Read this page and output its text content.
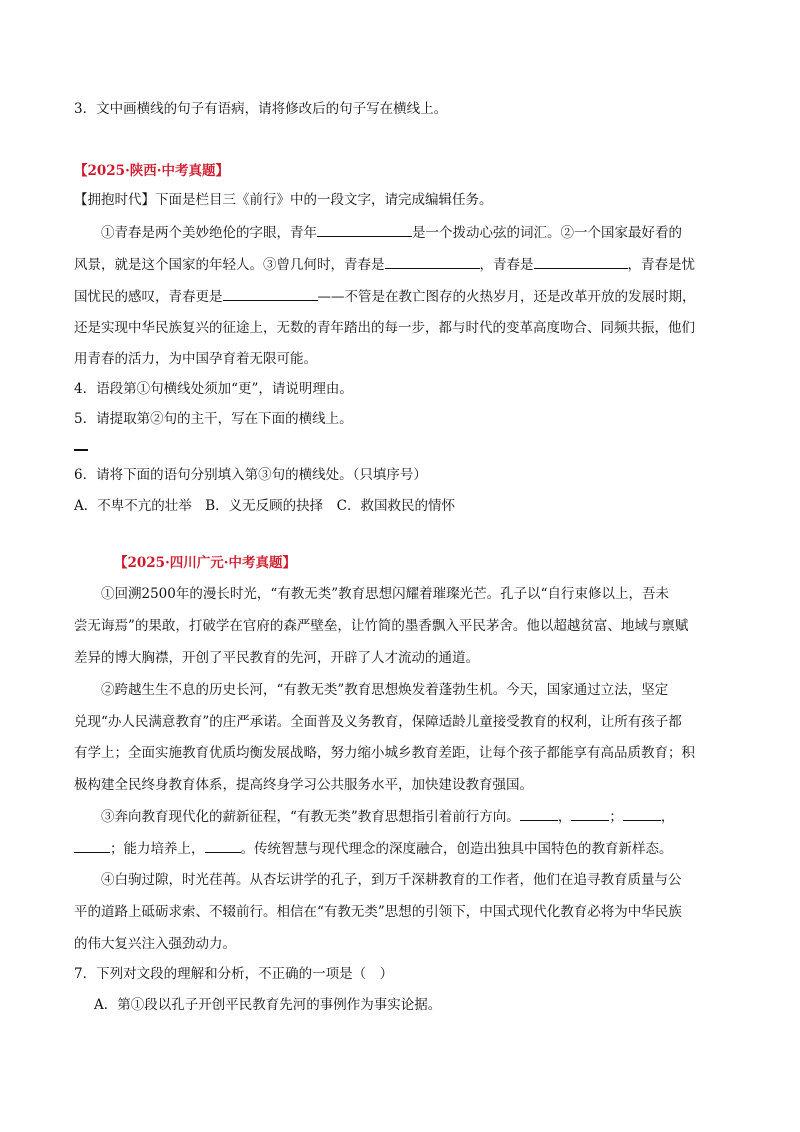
3．文中画横线的句子有语病，请将修改后的句子写在横线上。
【2025·陕西·中考真题】
【拥抱时代】下面是栏目三《前行》中的一段文字，请完成编辑任务。
①青春是两个美妙绝伦的字眼，青年	是一个拨动心弦的词汇。②一个国家最好看的
风景，就是这个国家的年轻人。③曾几何时，青春是	，青春是	，青春是忧
国忧民的感叹，青春更是	——不管是在教亡图存的火热岁月，还是改革开放的发展时期，
还是实现中华民族复兴的征途上，无数的青年踏出的每一步，都与时代的变革高度吻合、同频共振，他们
用青春的活力，为中国孕育着无限可能。
4．语段第①句横线处须加“更”，请说明理由。
5．请提取第②句的主干，写在下面的横线上。
6．请将下面的语句分别填入第③句的横线处。（只填序号）
A．不卑不亢的壮举　B．义无反顾的抉择　C．救国救民的情怀
【2025·四川广元·中考真题】
①回溯2500年的漫长时光，“有教无类”教育思想闪耀着璀璨光芒。孔子以“自行束修以上，吾未
尝无诲焉”的果敢，打破学在官府的森严壁垒，让竹简的墨香飘入平民茅舍。他以超越贫富、地域与禀赋
差异的博大胸襟，开创了平民教育的先河，开辟了人才流动的通道。
②跨越生生不息的历史长河，“有教无类”教育思想焕发着蓬勃生机。今天，国家通过立法，坚定
兑现“办人民满意教育”的庄严承诺。全面普及义务教育，保障适龄儿童接受教育的权利，让所有孩子都
有学上；全面实施教育优质均衡发展战略，努力缩小城乡教育差距，让每个孩子都能享有高品质教育；积
极构建全民终身教育体系，提高终身学习公共服务水平，加快建设教育强国。
③奔向教育现代化的薪新征程，“有教无类”教育思想指引着前行方向。	，	；	，
；能力培养上，	。传统智慧与现代理念的深度融合，创造出独具中国特色的教育新样态。
④白驹过隙，时光荏苒。从杏坛讲学的孔子，到万千深耕教育的工作者，他们在追寻教育质量与公
平的道路上砥砺求索、不辍前行。相信在“有教无类”思想的引领下，中国式现代化教育必将为中华民族
的伟大复兴注入强劲动力。
7．下列对文段的理解和分析，不正确的一项是（　）
A．第①段以孔子开创平民教育先河的事例作为事实论据。
